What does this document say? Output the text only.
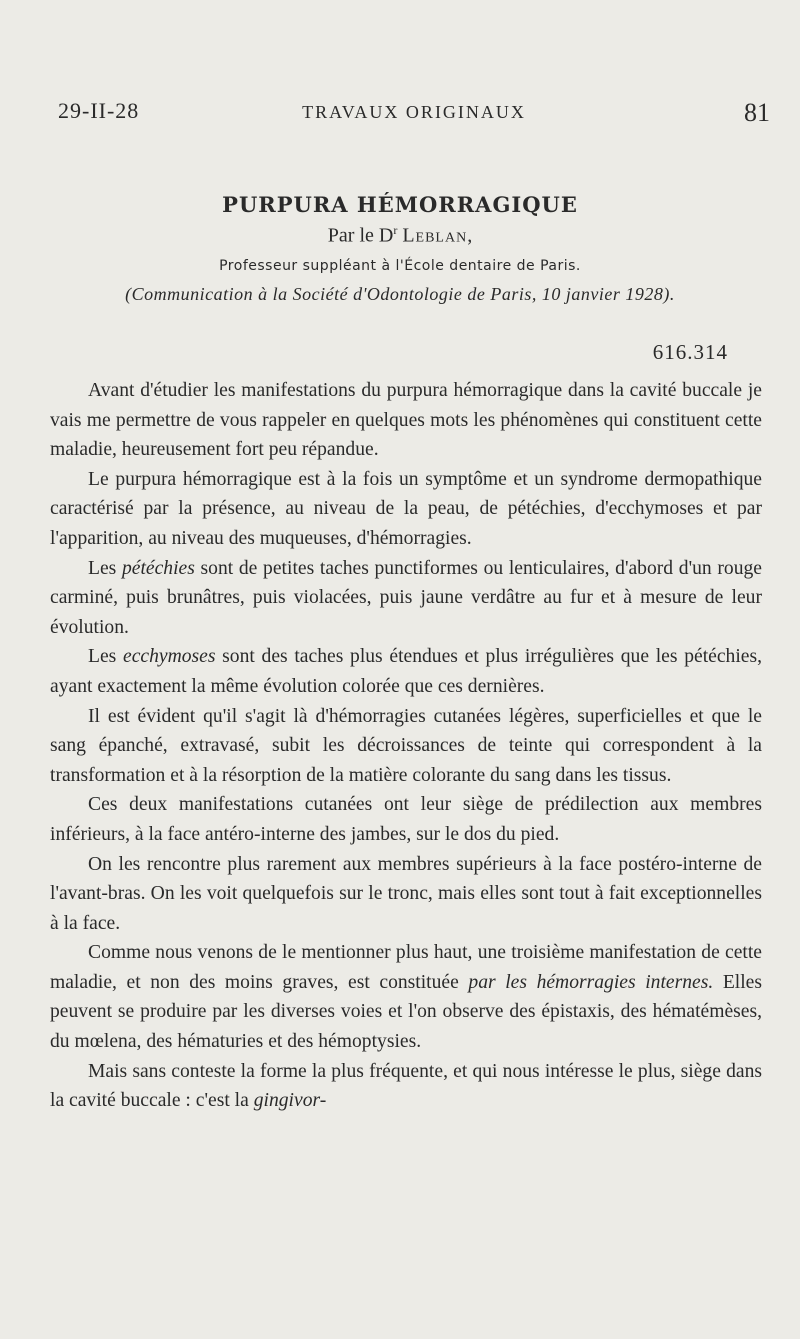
29-II-28	TRAVAUX ORIGINAUX	81
PURPURA HÉMORRAGIQUE
Par le $D^r$ Leblan,
Professeur suppléant à l'École dentaire de Paris.
(Communication à la Société d'Odontologie de Paris, 10 janvier 1928).
616.314

Avant d'étudier les manifestations du purpura hémorragique dans la cavité buccale je vais me permettre de vous rappeler en quelques mots les phénomènes qui constituent cette maladie, heureusement fort peu répandue.

Le purpura hémorragique est à la fois un symptôme et un syndrome dermopathique caractérisé par la présence, au niveau de la peau, de pétéchies, d'ecchymoses et par l'apparition, au niveau des muqueuses, d'hémorragies.

Les pétéchies sont de petites taches punctiformes ou lenticulaires, d'abord d'un rouge carminé, puis brunâtres, puis violacées, puis jaune verdâtre au fur et à mesure de leur évolution.

Les ecchymoses sont des taches plus étendues et plus irrégulières que les pétéchies, ayant exactement la même évolution colorée que ces dernières.

Il est évident qu'il s'agit là d'hémorragies cutanées légères, superficielles et que le sang épanché, extravasé, subit les décroissances de teinte qui correspondent à la transformation et à la résorption de la matière colorante du sang dans les tissus.

Ces deux manifestations cutanées ont leur siège de prédilection aux membres inférieurs, à la face antéro-interne des jambes, sur le dos du pied.

On les rencontre plus rarement aux membres supérieurs à la face postéro-interne de l'avant-bras. On les voit quelquefois sur le tronc, mais elles sont tout à fait exceptionnelles à la face.

Comme nous venons de le mentionner plus haut, une troisième manifestation de cette maladie, et non des moins graves, est constituée par les hémorragies internes. Elles peuvent se produire par les diverses voies et l'on observe des épistaxis, des hématémèses, du mœlena, des hématuries et des hémoptysies.

Mais sans conteste la forme la plus fréquente, et qui nous intéresse le plus, siège dans la cavité buccale : c'est la gingivor-
